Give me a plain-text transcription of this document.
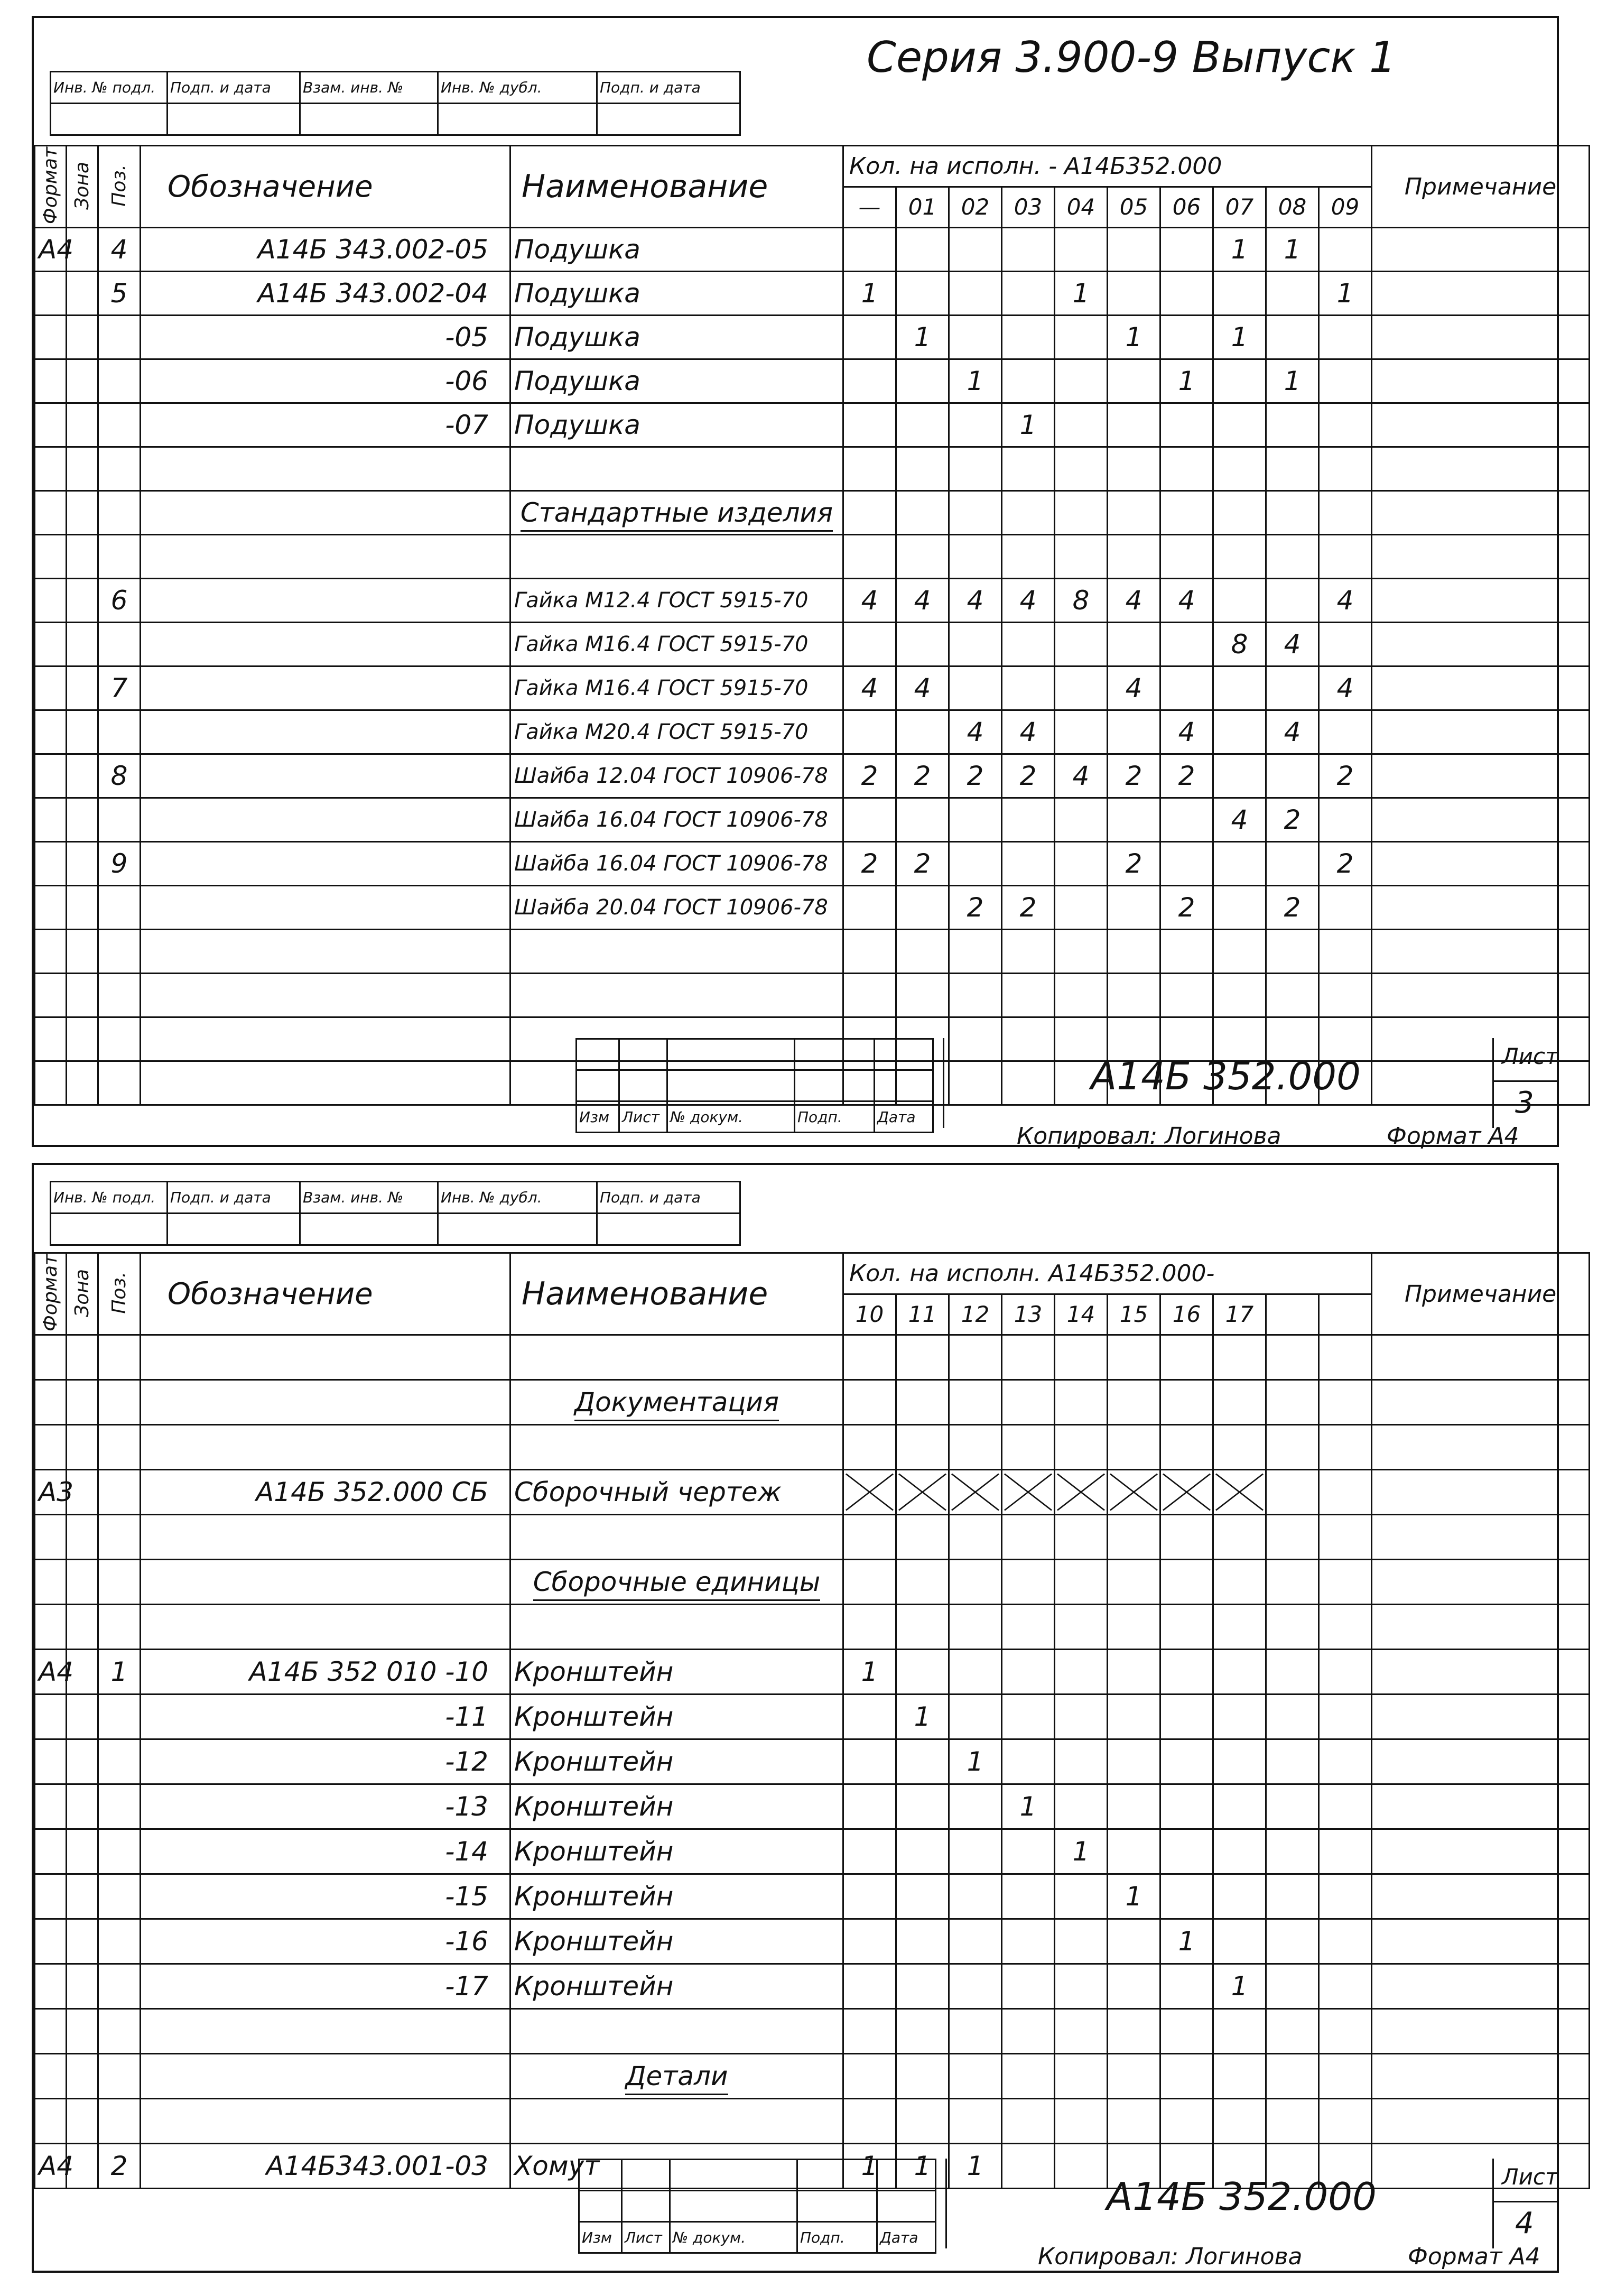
Серия 3.900-9 Выпуск 1
Инв. № подл.	Подп. и дата	Взам. инв. №	Инв. № дубл.	Подп. и дата

Формат	Зона	Поз.	Обозначение	Наименование	Кол. на исполн. - А14Б352.000										Примечание
					—	01	02	03	04	05	06	07	08	09	
А4		4	А14Б 343.002-05	Подушка								1	1		
		5	А14Б 343.002-04	Подушка	1				1					1	
			-05	Подушка		1				1		1			
			-06	Подушка			1				1		1		
			-07	Подушка				1							

				Стандартные изделия											

		6		Гайка М12.4 ГОСТ 5915-70	4	4	4	4	8	4	4			4	
				Гайка М16.4 ГОСТ 5915-70								8	4		
		7		Гайка М16.4 ГОСТ 5915-70	4	4				4				4	
				Гайка М20.4 ГОСТ 5915-70			4	4			4		4		
		8		Шайба 12.04 ГОСТ 10906-78	2	2	2	2	4	2	2			2	
				Шайба 16.04 ГОСТ 10906-78								4	2		
		9		Шайба 16.04 ГОСТ 10906-78	2	2				2				2	
				Шайба 20.04 ГОСТ 10906-78			2	2			2		2		

Изм	Лист	№ докум.	Подп.	Дата
А14Б 352.000	Лист
3
Копировал: Логинова	Формат А4
Инв. № подл.	Подп. и дата	Взам. инв. №	Инв. № дубл.	Подп. и дата

Формат	Зона	Поз.	Обозначение	Наименование	Кол. на исполн. А14Б352.000-										Примечание
					10	11	12	13	14	15	16	17			

				Документация											

А3			А14Б 352.000 СБ	Сборочный чертеж	

				Сборочные единицы											

А4		1	А14Б 352 010 -10	Кронштейн	1										
			-11	Кронштейн		1									
			-12	Кронштейн			1								
			-13	Кронштейн				1							
			-14	Кронштейн					1						
			-15	Кронштейн						1					
			-16	Кронштейн							1				
			-17	Кронштейн								1			

				Детали											

А4		2	А14Б343.001-03	Хомут	1	1	1								

Изм	Лист	№ докум.	Подп.	Дата
А14Б 352.000	Лист
4
Копировал: Логинова	Формат А4
